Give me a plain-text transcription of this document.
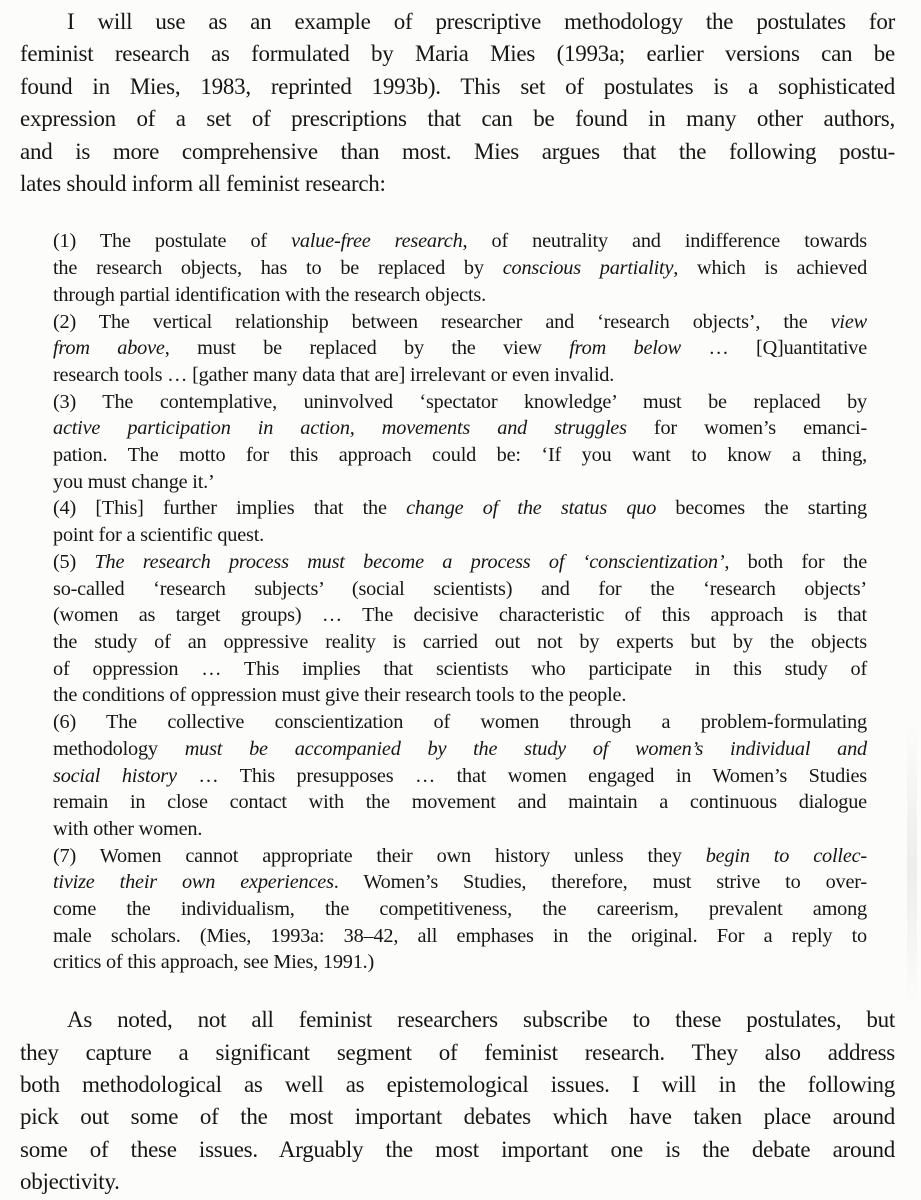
I will use as an example of prescriptive methodology the postulates for
feminist research as formulated by Maria Mies (1993a; earlier versions can be
found in Mies, 1983, reprinted 1993b). This set of postulates is a sophisticated
expression of a set of prescriptions that can be found in many other authors,
and is more comprehensive than most. Mies argues that the following postu-
lates should inform all feminist research:
(1) The postulate of value-free research, of neutrality and indifference towards
the research objects, has to be replaced by conscious partiality, which is achieved
through partial identification with the research objects.
(2) The vertical relationship between researcher and ‘research objects’, the view
from above, must be replaced by the view from below … [Q]uantitative
research tools … [gather many data that are] irrelevant or even invalid.
(3) The contemplative, uninvolved ‘spectator knowledge’ must be replaced by
active participation in action, movements and struggles for women’s emanci-
pation. The motto for this approach could be: ‘If you want to know a thing,
you must change it.’
(4) [This] further implies that the change of the status quo becomes the starting
point for a scientific quest.
(5) The research process must become a process of ‘conscientization’, both for the
so-called ‘research subjects’ (social scientists) and for the ‘research objects’
(women as target groups) … The decisive characteristic of this approach is that
the study of an oppressive reality is carried out not by experts but by the objects
of oppression … This implies that scientists who participate in this study of
the conditions of oppression must give their research tools to the people.
(6) The collective conscientization of women through a problem-formulating
methodology must be accompanied by the study of women’s individual and
social history … This presupposes … that women engaged in Women’s Studies
remain in close contact with the movement and maintain a continuous dialogue
with other women.
(7) Women cannot appropriate their own history unless they begin to collec-
tivize their own experiences. Women’s Studies, therefore, must strive to over-
come the individualism, the competitiveness, the careerism, prevalent among
male scholars. (Mies, 1993a: 38–42, all emphases in the original. For a reply to
critics of this approach, see Mies, 1991.)
As noted, not all feminist researchers subscribe to these postulates, but
they capture a significant segment of feminist research. They also address
both methodological as well as epistemological issues. I will in the following
pick out some of the most important debates which have taken place around
some of these issues. Arguably the most important one is the debate around
objectivity.
